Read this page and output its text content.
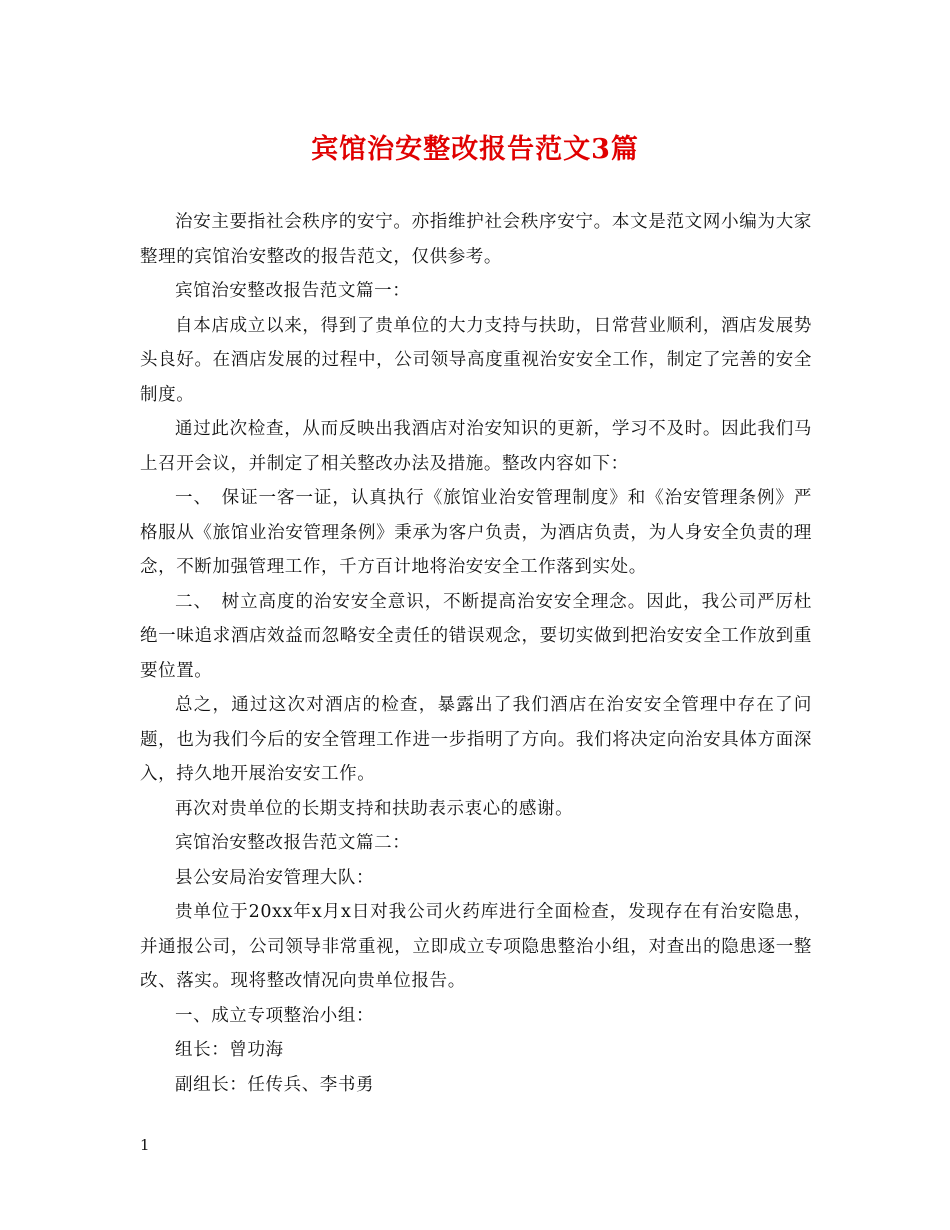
宾馆治安整改报告范文3篇

治安主要指社会秩序的安宁。亦指维护社会秩序安宁。本文是范文网小编为大家整理的宾馆治安整改的报告范文，仅供参考。

宾馆治安整改报告范文篇一：

自本店成立以来，得到了贵单位的大力支持与扶助，日常营业顺利，酒店发展势头良好。在酒店发展的过程中，公司领导高度重视治安安全工作，制定了完善的安全制度。

通过此次检查，从而反映出我酒店对治安知识的更新，学习不及时。因此我们马上召开会议，并制定了相关整改办法及措施。整改内容如下：

一、　保证一客一证，认真执行《旅馆业治安管理制度》和《治安管理条例》严格服从《旅馆业治安管理条例》秉承为客户负责，为酒店负责，为人身安全负责的理念，不断加强管理工作，千方百计地将治安安全工作落到实处。

二、　树立高度的治安安全意识，不断提高治安安全理念。因此，我公司严厉杜绝一味追求酒店效益而忽略安全责任的错误观念，要切实做到把治安安全工作放到重要位置。

总之，通过这次对酒店的检查，暴露出了我们酒店在治安安全管理中存在了问题，也为我们今后的安全管理工作进一步指明了方向。我们将决定向治安具体方面深入，持久地开展治安安工作。

再次对贵单位的长期支持和扶助表示衷心的感谢。

宾馆治安整改报告范文篇二：

县公安局治安管理大队：

贵单位于20xx年x月x日对我公司火药库进行全面检查，发现存在有治安隐患，并通报公司，公司领导非常重视，立即成立专项隐患整治小组，对查出的隐患逐一整改、落实。现将整改情况向贵单位报告。

一、成立专项整治小组：

组长：曾功海

副组长：任传兵、李书勇

1
